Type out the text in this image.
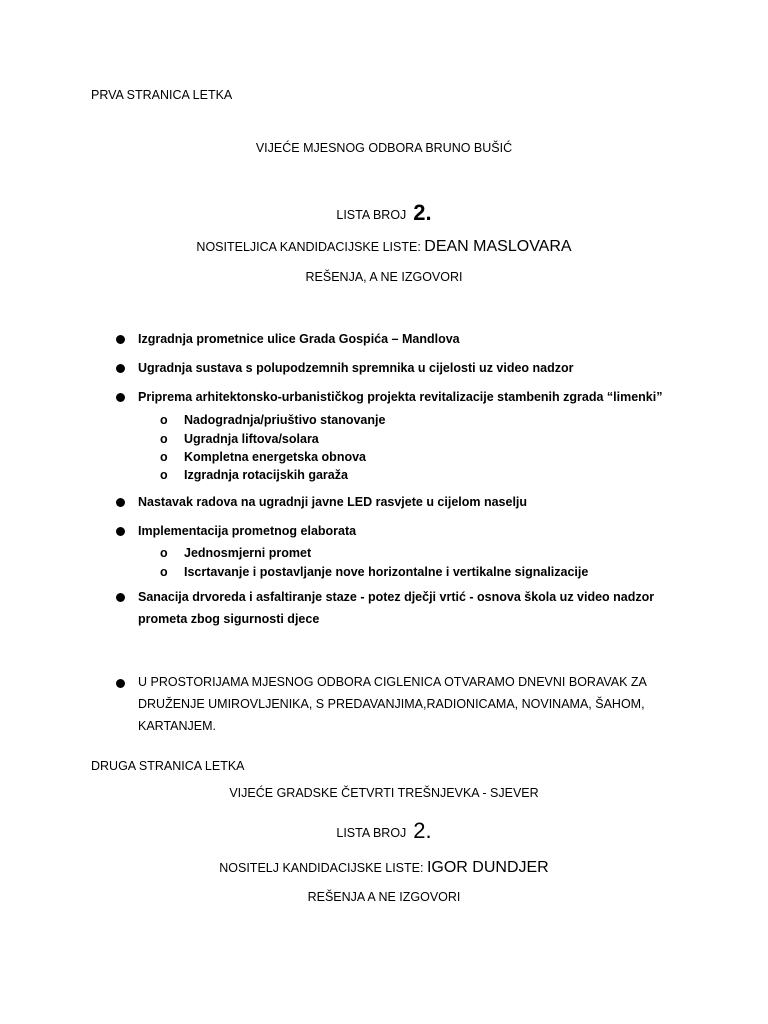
PRVA STRANICA LETKA
VIJEĆE MJESNOG ODBORA BRUNO BUŠIĆ
LISTA BROJ 2.
NOSITELJICA KANDIDACIJSKE LISTE: DEAN MASLOVARA
REŠENJA, A NE IZGOVORI
Izgradnja prometnice ulice Grada Gospića – Mandlova
Ugradnja sustava s polupodzemnih spremnika u cijelosti uz video nadzor
Priprema arhitektonsko-urbanističkog projekta revitalizacije stambenih zgrada “limenki”
o Nadogradnja/priuštivo stanovanje
o Ugradnja liftova/solara
o Kompletna energetska obnova
o Izgradnja rotacijskih garaža
Nastavak radova na ugradnji javne LED rasvjete u cijelom naselju
Implementacija prometnog elaborata
o Jednosmjerni promet
o Iscrtavanje i postavljanje nove horizontalne i vertikalne signalizacije
Sanacija drvoreda i asfaltiranje staze - potez dječji vrtić - osnova škola uz video nadzor prometa zbog sigurnosti djece
U PROSTORIJAMA MJESNOG ODBORA CIGLENICA OTVARAMO DNEVNI BORAVAK ZA DRUŽENJE UMIROVLJENIKA, S PREDAVANJIMA,RADIONICAMA, NOVINAMA, ŠAHOM, KARTANJEM.
DRUGA STRANICA LETKA
VIJEĆE GRADSKE ČETVRTI TREŠNJEVKA - SJEVER
LISTA BROJ 2.
NOSITELJ KANDIDACIJSKE LISTE: IGOR DUNDJER
REŠENJA A NE IZGOVORI
